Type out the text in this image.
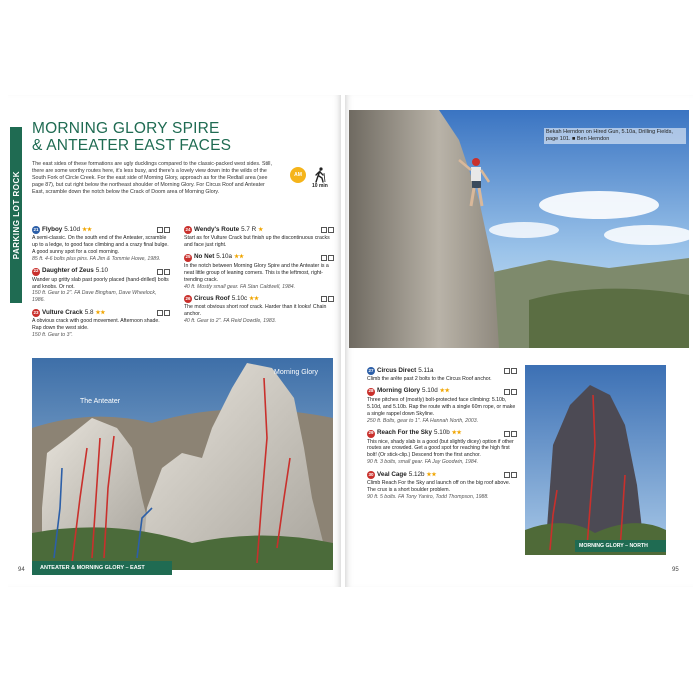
PARKING LOT ROCK
MORNING GLORY SPIRE
& ANTEATER EAST FACES
The east sides of these formations are ugly ducklings compared to the classic-packed west sides. Still, there are some worthy routes here, it's less busy, and there's a lovely view down into the wilds of the South Fork of Circle Creek. For the east side of Morning Glory, approach as for the Redtail area (see page 87), but cut right below the northeast shoulder of Morning Glory. For Circus Roof and Anteater East, scramble down the notch below the Crack of Doom area of Morning Glory.
AM
10 min
21 Flyboy 5.10d ★★
A semi-classic. On the south end of the Anteater, scramble up to a ledge, to good face climbing and a crazy final bulge. A good sunny spot for a cool morning.
85 ft. 4-6 bolts plus pins. FA Jim & Tommie Howe, 1989.
22 Daughter of Zeus 5.10
Wander up gritty slab past poorly placed (hand-drilled) bolts and knobs. Or not.
150 ft. Gear to 2". FA Dave Bingham, Dave Wheelock, 1986.
23 Vulture Crack 5.8 ★★
A obvious crack with good movement. Afternoon shade. Rap down the west side.
150 ft. Gear to 3".
24 Wendy's Route 5.7 R ★
Start as for Vulture Crack but finish up the discontinuous cracks and face just right.
25 No Net 5.10a ★★
In the notch between Morning Glory Spire and the Anteater is a neat little group of leaning corners. This is the leftmost, right-trending crack.
40 ft. Mostly small gear. FA Stan Caldwell, 1984.
26 Circus Roof 5.10c ★★
The most obvious short roof crack. Harder than it looks! Chain anchor.
40 ft. Gear to 2". FA Reid Dowdle, 1983.
The Anteater
Morning Glory
ANTEATER & MORNING GLORY – EAST
94
Bekah Herndon on Hired Gun, 5.10a, Drilling Fields, page 101. ■ Ben Herndon
27 Circus Direct 5.11a
Climb the arête past 2 bolts to the Circus Roof anchor.
28 Morning Glory 5.10d ★★
Three pitches of (mostly) bolt-protected face climbing: 5.10b, 5.10d, and 5.10b. Rap the route with a single 60m rope, or make a single rappel down Skyline.
250 ft. Bolts, gear to 1". FA Hannah North, 2003.
29 Reach For the Sky 5.10b ★★
This nice, shady slab is a good (but slightly dicey) option if other routes are crowded. Get a good spot for reaching the high first bolt! (Or stick-clip.) Descend from the first anchor.
90 ft. 3 bolts, small gear. FA Jay Goodwin, 1984.
30 Veal Cage 5.12b ★★
Climb Reach For the Sky and launch off on the big roof above. The crux is a short boulder problem.
90 ft. 5 bolts. FA Tony Yaniro, Todd Thompson, 1988.
MORNING GLORY – NORTH
95
